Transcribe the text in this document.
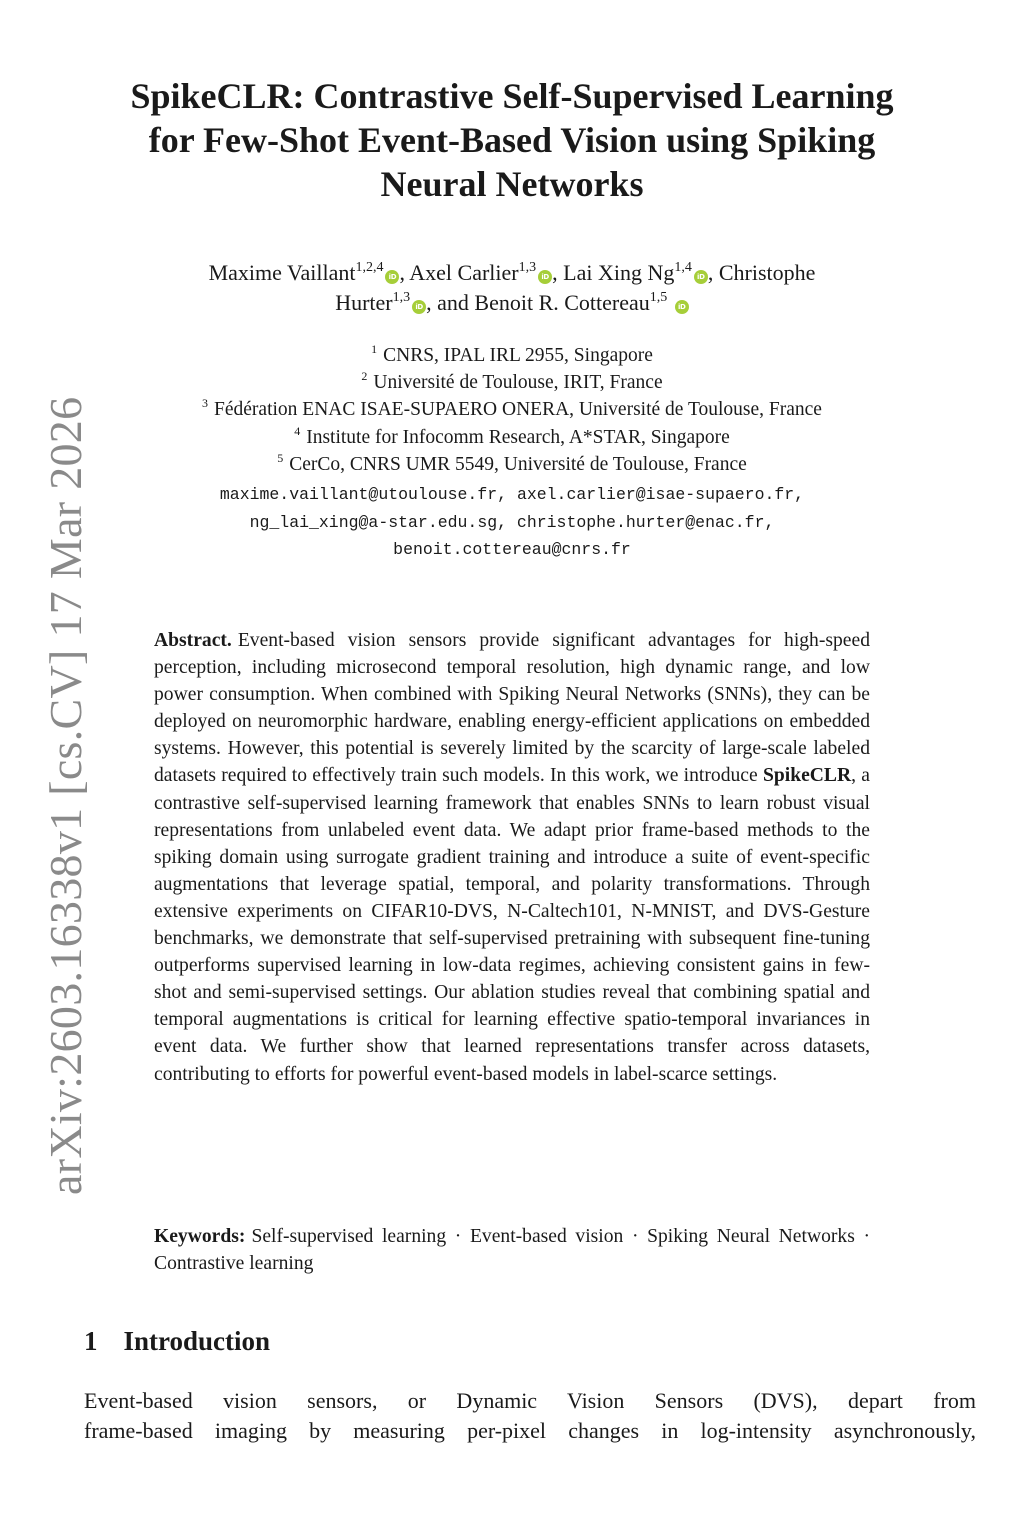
arXiv:2603.16338v1 [cs.CV] 17 Mar 2026
SpikeCLR: Contrastive Self-Supervised Learning
for Few-Shot Event-Based Vision using Spiking
Neural Networks
Maxime Vaillant$^{1,2,4}$iD , Axel Carlier$^{1,3}$iD , Lai Xing Ng$^{1,4}$iD , Christophe
Hurter$^{1,3}$iD , and Benoit R. Cottereau$^{1,5}$ iD
$^1$ CNRS, IPAL IRL 2955, Singapore
$^2$ Université de Toulouse, IRIT, France
$^3$ Fédération ENAC ISAE-SUPAERO ONERA, Université de Toulouse, France
$^4$ Institute for Infocomm Research, A*STAR, Singapore
$^5$ CerCo, CNRS UMR 5549, Université de Toulouse, France
maxime.vaillant@utoulouse.fr, axel.carlier@isae-supaero.fr,
ng_lai_xing@a-star.edu.sg, christophe.hurter@enac.fr,
benoit.cottereau@cnrs.fr
Abstract. Event-based vision sensors provide significant advantages for high-speed perception, including microsecond temporal resolution, high dynamic range, and low power consumption. When combined with Spiking Neural Networks (SNNs), they can be deployed on neuromorphic hardware, enabling energy-efficient applications on embedded systems. However, this potential is severely limited by the scarcity of large-scale labeled datasets required to effectively train such models. In this work, we introduce SpikeCLR, a contrastive self-supervised learning framework that enables SNNs to learn robust visual representations from unlabeled event data. We adapt prior frame-based methods to the spiking domain using surrogate gradient training and introduce a suite of event-specific augmentations that leverage spatial, temporal, and polarity transformations. Through extensive experiments on CIFAR10-DVS, N-Caltech101, N-MNIST, and DVS-Gesture benchmarks, we demonstrate that self-supervised pretraining with subsequent fine-tuning outperforms supervised learning in low-data regimes, achieving consistent gains in few-shot and semi-supervised settings. Our ablation studies reveal that combining spatial and temporal augmentations is critical for learning effective spatio-temporal invariances in event data. We further show that learned representations transfer across datasets, contributing to efforts for powerful event-based models in label-scarce settings.
Keywords: Self-supervised learning · Event-based vision · Spiking Neural Networks · Contrastive learning
1 Introduction
Event-based vision sensors, or Dynamic Vision Sensors (DVS), depart from
frame-based imaging by measuring per-pixel changes in log-intensity asynchronously,
